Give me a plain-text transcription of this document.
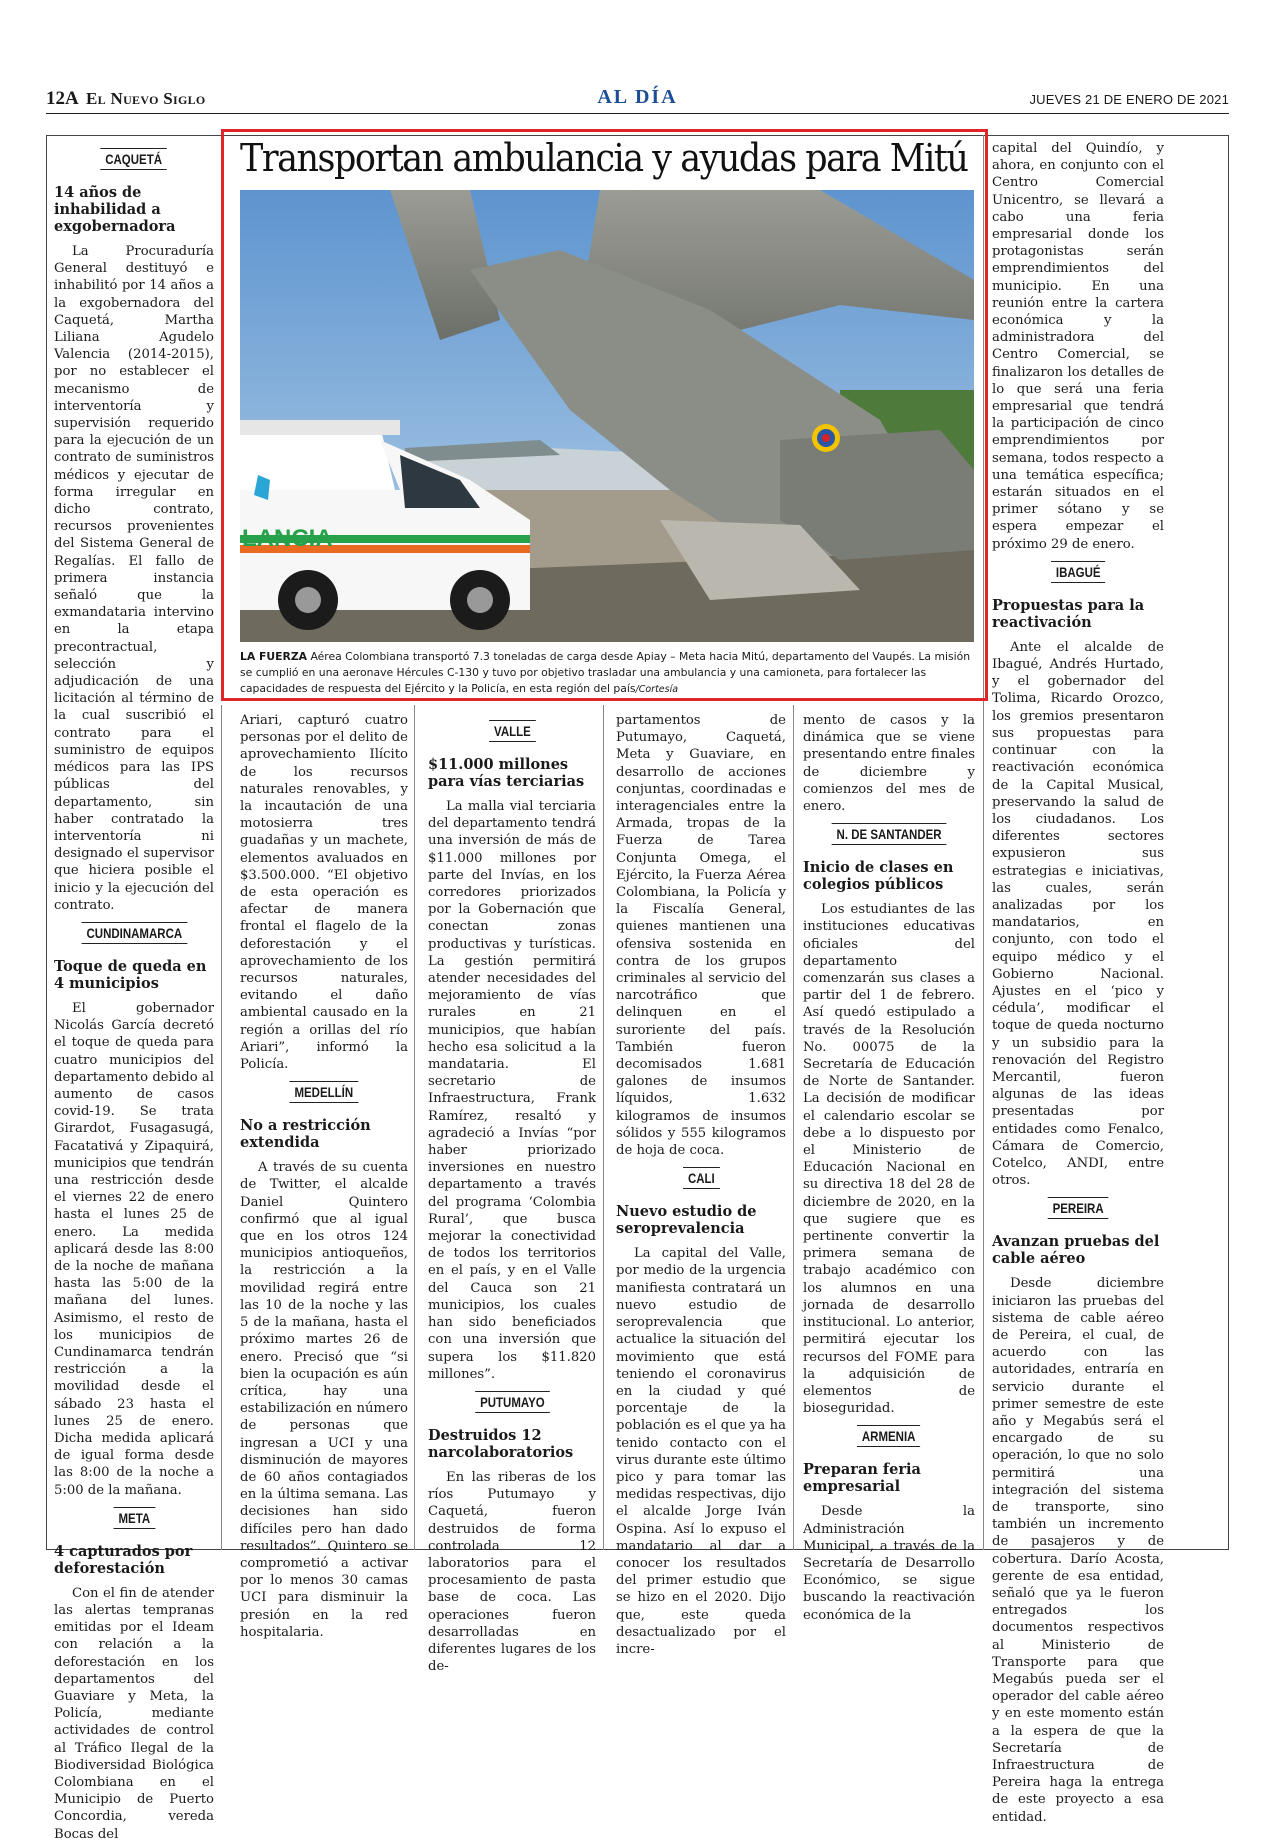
12A El Nuevo Siglo	AL DÍA	JUEVES 21 DE ENERO DE 2021
Transportan ambulancia y ayudas para Mitú
LANCIA
LA FUERZA Aérea Colombiana transportó 7.3 toneladas de carga desde Apiay – Meta hacia Mitú, departamento del Vaupés. La misión se cumplió en una aeronave Hércules C-130 y tuvo por objetivo trasladar una ambulancia y una camioneta, para fortalecer las capacidades de respuesta del Ejército y la Policía, en esta región del país/Cortesía
CAQUETÁ
14 años de inhabilidad a exgobernadora

La Procuraduría General destituyó e inhabilitó por 14 años a la exgobernadora del Caquetá, Martha Liliana Agudelo Valencia (2014-2015), por no establecer el mecanismo de interventoría y supervisión requerido para la ejecución de un contrato de suministros médicos y ejecutar de forma irregular en dicho contrato, recursos provenientes del Sistema General de Regalías. El fallo de primera instancia señaló que la exmandataria intervino en la etapa precontractual, selección y adjudicación de una licitación al término de la cual suscribió el contrato para el suministro de equipos médicos para las IPS públicas del departamento, sin haber contratado la interventoría ni designado el supervisor que hiciera posible el inicio y la ejecución del contrato.

CUNDINAMARCA
Toque de queda en 4 municipios

El gobernador Nicolás García decretó el toque de queda para cuatro municipios del departamento debido al aumento de casos covid-19. Se trata Girardot, Fusagasugá, Facatativá y Zipaquirá, municipios que tendrán una restricción desde el viernes 22 de enero hasta el lunes 25 de enero. La medida aplicará desde las 8:00 de la noche de mañana hasta las 5:00 de la mañana del lunes. Asimismo, el resto de los municipios de Cundinamarca tendrán restricción a la movilidad desde el sábado 23 hasta el lunes 25 de enero. Dicha medida aplicará de igual forma desde las 8:00 de la noche a 5:00 de la mañana.

META
4 capturados por deforestación

Con el fin de atender las alertas tempranas emitidas por el Ideam con relación a la deforestación en los departamentos del Guaviare y Meta, la Policía, mediante actividades de control al Tráfico Ilegal de la Biodiversidad Biológica Colombiana en el Municipio de Puerto Concordia, vereda Bocas del

Ariari, capturó cuatro personas por el delito de aprovechamiento Ilícito de los recursos naturales renovables, y la incautación de una motosierra tres guadañas y un machete, elementos avaluados en $3.500.000. “El objetivo de esta operación es afectar de manera frontal el flagelo de la deforestación y el aprovechamiento de los recursos naturales, evitando el daño ambiental causado en la región a orillas del río Ariari”, informó la Policía.

MEDELLÍN
No a restricción extendida

A través de su cuenta de Twitter, el alcalde Daniel Quintero confirmó que al igual que en los otros 124 municipios antioqueños, la restricción a la movilidad regirá entre las 10 de la noche y las 5 de la mañana, hasta el próximo martes 26 de enero. Precisó que “si bien la ocupación es aún crítica, hay una estabilización en número de personas que ingresan a UCI y una disminución de mayores de 60 años contagiados en la última semana. Las decisiones han sido difíciles pero han dado resultados”. Quintero se comprometió a activar por lo menos 30 camas UCI para disminuir la presión en la red hospitalaria.

VALLE
$11.000 millones para vías terciarias

La malla vial terciaria del departamento tendrá una inversión de más de $11.000 millones por parte del Invías, en los corredores priorizados por la Gobernación que conectan zonas productivas y turísticas. La gestión permitirá atender necesidades del mejoramiento de vías rurales en 21 municipios, que habían hecho esa solicitud a la mandataria. El secretario de Infraestructura, Frank Ramírez, resaltó y agradeció a Invías “por haber priorizado inversiones en nuestro departamento a través del programa ‘Colombia Rural’, que busca mejorar la conectividad de todos los territorios en el país, y en el Valle del Cauca son 21 municipios, los cuales han sido beneficiados con una inversión que supera los $11.820 millones”.

PUTUMAYO
Destruidos 12 narcolaboratorios

En las riberas de los ríos Putumayo y Caquetá, fueron destruidos de forma controlada 12 laboratorios para el procesamiento de pasta base de coca. Las operaciones fueron desarrolladas en diferentes lugares de los de-

partamentos de Putumayo, Caquetá, Meta y Guaviare, en desarrollo de acciones conjuntas, coordinadas e interagenciales entre la Armada, tropas de la Fuerza de Tarea Conjunta Omega, el Ejército, la Fuerza Aérea Colombiana, la Policía y la Fiscalía General, quienes mantienen una ofensiva sostenida en contra de los grupos criminales al servicio del narcotráfico que delinquen en el suroriente del país. También fueron decomisados 1.681 galones de insumos líquidos, 1.632 kilogramos de insumos sólidos y 555 kilogramos de hoja de coca.

CALI
Nuevo estudio de seroprevalencia

La capital del Valle, por medio de la urgencia manifiesta contratará un nuevo estudio de seroprevalencia que actualice la situación del movimiento que está teniendo el coronavirus en la ciudad y qué porcentaje de la población es el que ya ha tenido contacto con el virus durante este último pico y para tomar las medidas respectivas, dijo el alcalde Jorge Iván Ospina. Así lo expuso el mandatario al dar a conocer los resultados del primer estudio que se hizo en el 2020. Dijo que, este queda desactualizado por el incre-

mento de casos y la dinámica que se viene presentando entre finales de diciembre y comienzos del mes de enero.

N. DE SANTANDER
Inicio de clases en colegios públicos

Los estudiantes de las instituciones educativas oficiales del departamento comenzarán sus clases a partir del 1 de febrero. Así quedó estipulado a través de la Resolución No. 00075 de la Secretaría de Educación de Norte de Santander. La decisión de modificar el calendario escolar se debe a lo dispuesto por el Ministerio de Educación Nacional en su directiva 18 del 28 de diciembre de 2020, en la que sugiere que es pertinente convertir la primera semana de trabajo académico con los alumnos en una jornada de desarrollo institucional. Lo anterior, permitirá ejecutar los recursos del FOME para la adquisición de elementos de bioseguridad.

ARMENIA
Preparan feria empresarial

Desde la Administración Municipal, a través de la Secretaría de Desarrollo Económico, se sigue buscando la reactivación económica de la

capital del Quindío, y ahora, en conjunto con el Centro Comercial Unicentro, se llevará a cabo una feria empresarial donde los protagonistas serán emprendimientos del municipio. En una reunión entre la cartera económica y la administradora del Centro Comercial, se finalizaron los detalles de lo que será una feria empresarial que tendrá la participación de cinco emprendimientos por semana, todos respecto a una temática específica; estarán situados en el primer sótano y se espera empezar el próximo 29 de enero.

IBAGUÉ
Propuestas para la reactivación

Ante el alcalde de Ibagué, Andrés Hurtado, y el gobernador del Tolima, Ricardo Orozco, los gremios presentaron sus propuestas para continuar con la reactivación económica de la Capital Musical, preservando la salud de los ciudadanos. Los diferentes sectores expusieron sus estrategias e iniciativas, las cuales, serán analizadas por los mandatarios, en conjunto, con todo el equipo médico y el Gobierno Nacional. Ajustes en el ‘pico y cédula’, modificar el toque de queda nocturno y un subsidio para la renovación del Registro Mercantil, fueron algunas de las ideas presentadas por entidades como Fenalco, Cámara de Comercio, Cotelco, ANDI, entre otros.

PEREIRA
Avanzan pruebas del cable aéreo

Desde diciembre iniciaron las pruebas del sistema de cable aéreo de Pereira, el cual, de acuerdo con las autoridades, entraría en servicio durante el primer semestre de este año y Megabús será el encargado de su operación, lo que no solo permitirá una integración del sistema de transporte, sino también un incremento de pasajeros y de cobertura. Darío Acosta, gerente de esa entidad, señaló que ya le fueron entregados los documentos respectivos al Ministerio de Transporte para que Megabús pueda ser el operador del cable aéreo y en este momento están a la espera de que la Secretaría de Infraestructura de Pereira haga la entrega de este proyecto a esa entidad.
